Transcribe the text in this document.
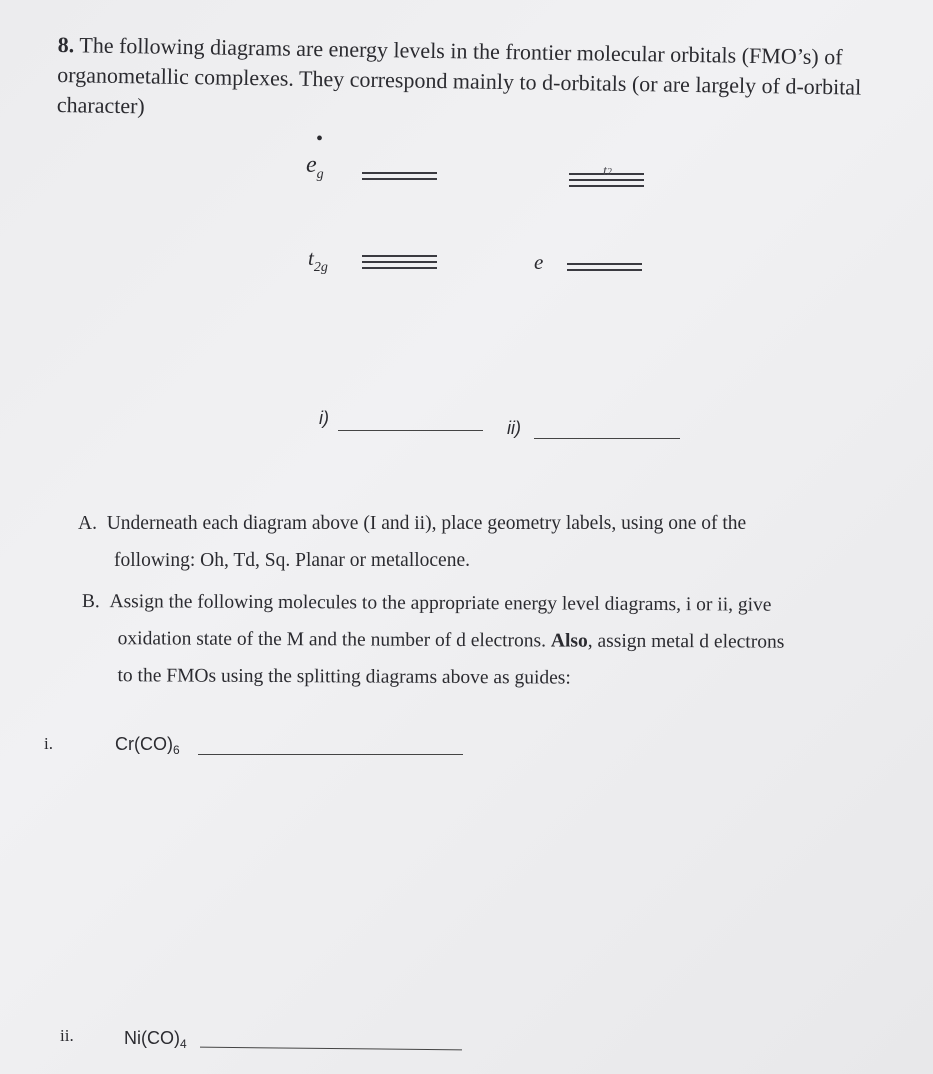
8. The following diagrams are energy levels in the frontier molecular orbitals (FMO’s) of organometallic complexes. They correspond mainly to d-orbitals (or are largely of d-orbital character)
$e_g$
•
$t_{2g}$
t2
e
i)	ii)
A. Underneath each diagram above (I and ii), place geometry labels, using one of the
following: Oh, Td, Sq. Planar or metallocene.
B. Assign the following molecules to the appropriate energy level diagrams, i or ii, give
oxidation state of the M and the number of d electrons. Also, assign metal d electrons
to the FMOs using the splitting diagrams above as guides:
i.	$Cr(CO)_6$
ii.	$Ni(CO)_4$
